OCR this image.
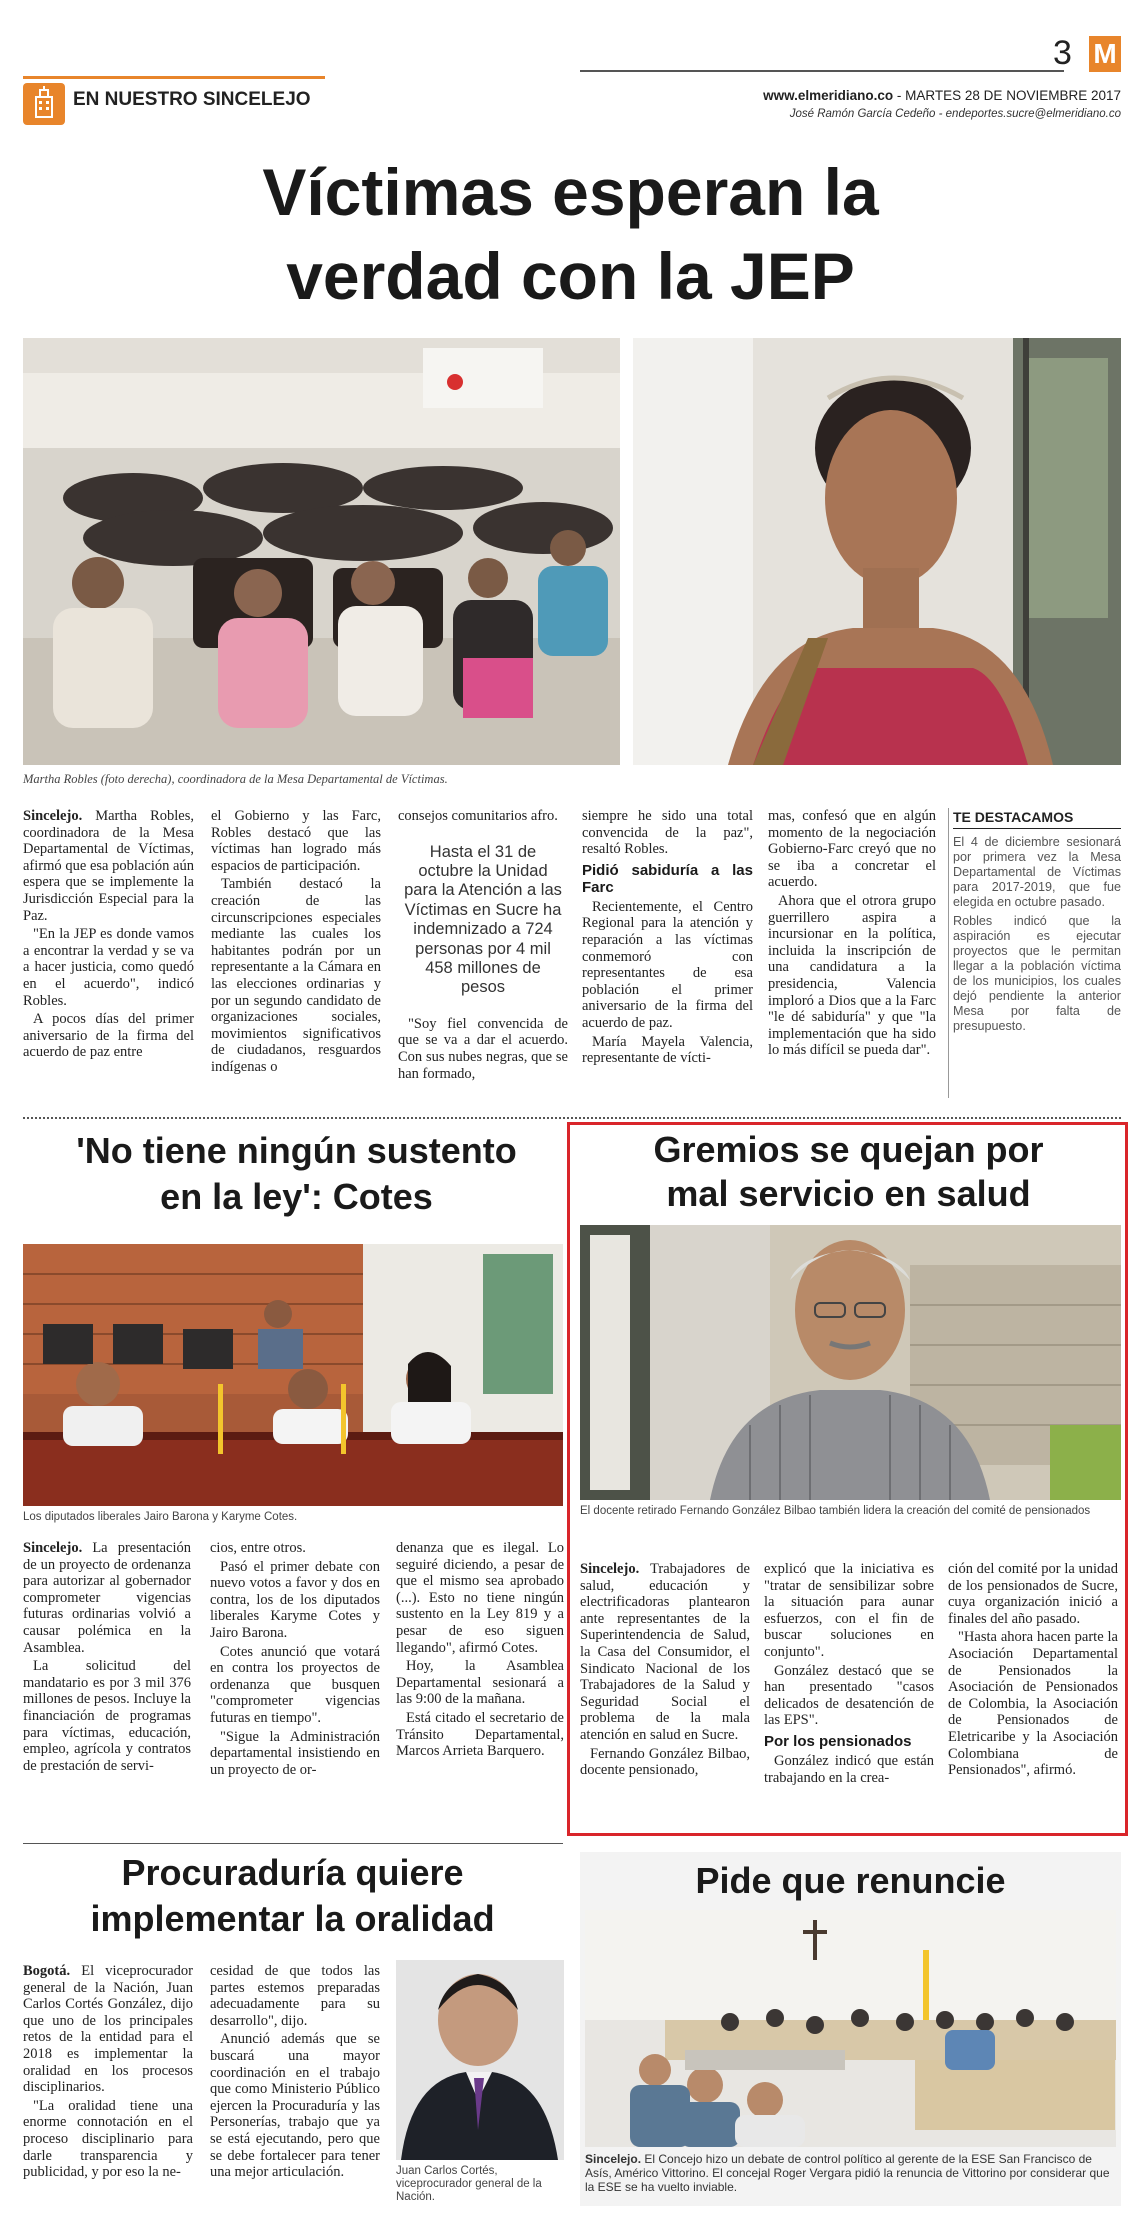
3 M
EN NUESTRO SINCELEJO	www.elmeridiano.co - MARTES 28 DE NOVIEMBRE 2017
José Ramón García Cedeño - endeportes.sucre@elmeridiano.co
Víctimas esperan la
verdad con la JEP
Martha Robles (foto derecha), coordinadora de la Mesa Departamental de Víctimas.

Sincelejo. Martha Robles, coordinadora de la Mesa Departamental de Víctimas, afirmó que esa población aún espera que se implemente la Jurisdicción Especial para la Paz.

"En la JEP es donde vamos a encontrar la verdad y se va a hacer justicia, como quedó en el acuerdo", indicó Robles.

A pocos días del primer aniversario de la firma del acuerdo de paz entre

el Gobierno y las Farc, Robles destacó que las víctimas han logrado más espacios de participación.

También destacó la creación de las circunscripciones especiales mediante las cuales los habitantes podrán por un representante a la Cámara en las elecciones ordinarias y por un segundo candidato de organizaciones sociales, movimientos significativos de ciudadanos, resguardos indígenas o

consejos comunitarios afro.

Hasta el 31 de octubre la Unidad para la Atención a las Víctimas en Sucre ha indemnizado a 724 personas por 4 mil 458 millones de pesos

"Soy fiel convencida de que se va a dar el acuerdo. Con sus nubes negras, que se han formado,

siempre he sido una total convencida de la paz", resaltó Robles.

Pidió sabiduría a las Farc

Recientemente, el Centro Regional para la atención y reparación a las víctimas conmemoró con representantes de esa población el primer aniversario de la firma del acuerdo de paz.

María Mayela Valencia, representante de vícti-

mas, confesó que en algún momento de la negociación Gobierno-Farc creyó que no se iba a concretar el acuerdo.

Ahora que el otrora grupo guerrillero aspira a incursionar en la política, incluida la inscripción de una candidatura a la presidencia, Valencia imploró a Dios que a la Farc "le dé sabiduría" y que "la implementación que ha sido lo más difícil se pueda dar".

TE DESTACAMOS

El 4 de diciembre sesionará por primera vez la Mesa Departamental de Víctimas para 2017-2019, que fue elegida en octubre pasado.

Robles indicó que la aspiración es ejecutar proyectos que le permitan llegar a la población víctima de los municipios, los cuales dejó pendiente la anterior Mesa por falta de presupuesto.

'No tiene ningún sustento
en la ley': Cotes
Los diputados liberales Jairo Barona y Karyme Cotes.

Sincelejo. La presentación de un proyecto de ordenanza para autorizar al gobernador comprometer vigencias futuras ordinarias volvió a causar polémica en la Asamblea.

La solicitud del mandatario es por 3 mil 376 millones de pesos. Incluye la financiación de programas para víctimas, educación, empleo, agrícola y contratos de prestación de servi-

cios, entre otros.

Pasó el primer debate con nuevo votos a favor y dos en contra, los de los diputados liberales Karyme Cotes y Jairo Barona.

Cotes anunció que votará en contra los proyectos de ordenanza que busquen "comprometer vigencias futuras en tiempo".

"Sigue la Administración departamental insistiendo en un proyecto de or-

denanza que es ilegal. Lo seguiré diciendo, a pesar de que el mismo sea aprobado (...). Esto no tiene ningún sustento en la Ley 819 y a pesar de eso siguen llegando", afirmó Cotes.

Hoy, la Asamblea Departamental sesionará a las 9:00 de la mañana.

Está citado el secretario de Tránsito Departamental, Marcos Arrieta Barquero.

Gremios se quejan por
mal servicio en salud
El docente retirado Fernando González Bilbao también lidera la creación del comité de pensionados

Sincelejo. Trabajadores de salud, educación y electrificadoras plantearon ante representantes de la Superintendencia de Salud, la Casa del Consumidor, el Sindicato Nacional de los Trabajadores de la Salud y Seguridad Social el problema de la mala atención en salud en Sucre.

Fernando González Bilbao, docente pensionado,

explicó que la iniciativa es "tratar de sensibilizar sobre la situación para aunar esfuerzos, con el fin de buscar soluciones en conjunto".

González destacó que se han presentado "casos delicados de desatención de las EPS".

Por los pensionados

González indicó que están trabajando en la crea-

ción del comité por la unidad de los pensionados de Sucre, cuya organización inició a finales del año pasado.

"Hasta ahora hacen parte la Asociación Departamental de Pensionados la Asociación de Pensionados de Colombia, la Asociación de Pensionados de Eletricaribe y la Asociación Colombiana de Pensionados", afirmó.

Procuraduría quiere
implementar la oralidad

Bogotá. El viceprocurador general de la Nación, Juan Carlos Cortés González, dijo que uno de los principales retos de la entidad para el 2018 es implementar la oralidad en los procesos disciplinarios.

"La oralidad tiene una enorme connotación en el proceso disciplinario para darle transparencia y publicidad, y por eso la ne-

cesidad de que todos las partes estemos preparadas adecuadamente para su desarrollo", dijo.

Anunció además que se buscará una mayor coordinación en el trabajo que como Ministerio Público ejercen la Procuraduría y las Personerías, trabajo que ya se está ejecutando, pero que se debe fortalecer para tener una mejor articulación.	Juan Carlos Cortés, viceprocurador general de la Nación.
Pide que renuncie
Sincelejo. El Concejo hizo un debate de control político al gerente de la ESE San Francisco de Asís, Américo Vittorino. El concejal Roger Vergara pidió la renuncia de Vittorino por considerar que la ESE se ha vuelto inviable.
